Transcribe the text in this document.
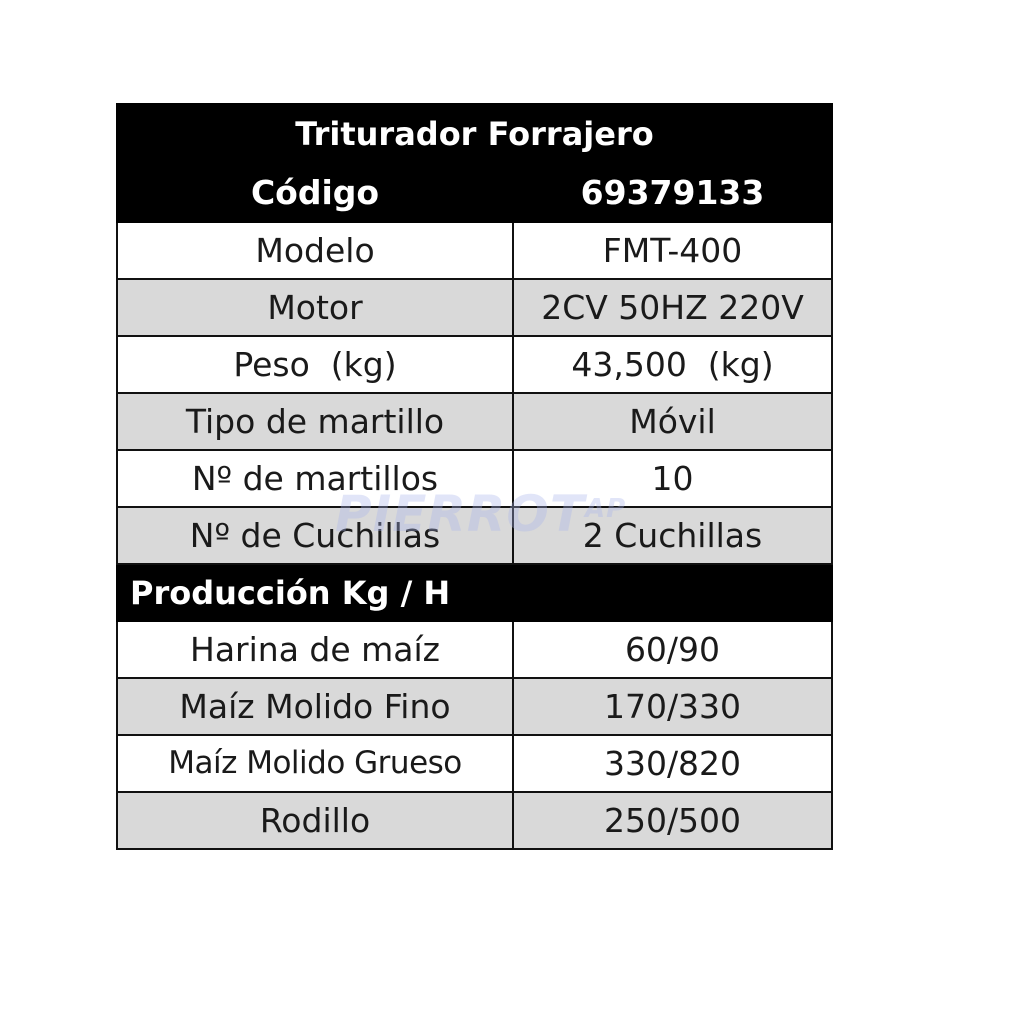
Triturador Forrajero	
Código	69379133
Modelo	FMT-400
Motor	2CV 50HZ 220V
Peso  (kg)	43,500  (kg)
Tipo de martillo	Móvil
Nº de martillos	10
Nº de Cuchillas	2 Cuchillas
Producción Kg / H	
Harina de maíz	60/90
Maíz Molido Fino	170/330
Maíz Molido Grueso	330/820
Rodillo	250/500
$PIERROT^{AP}$
